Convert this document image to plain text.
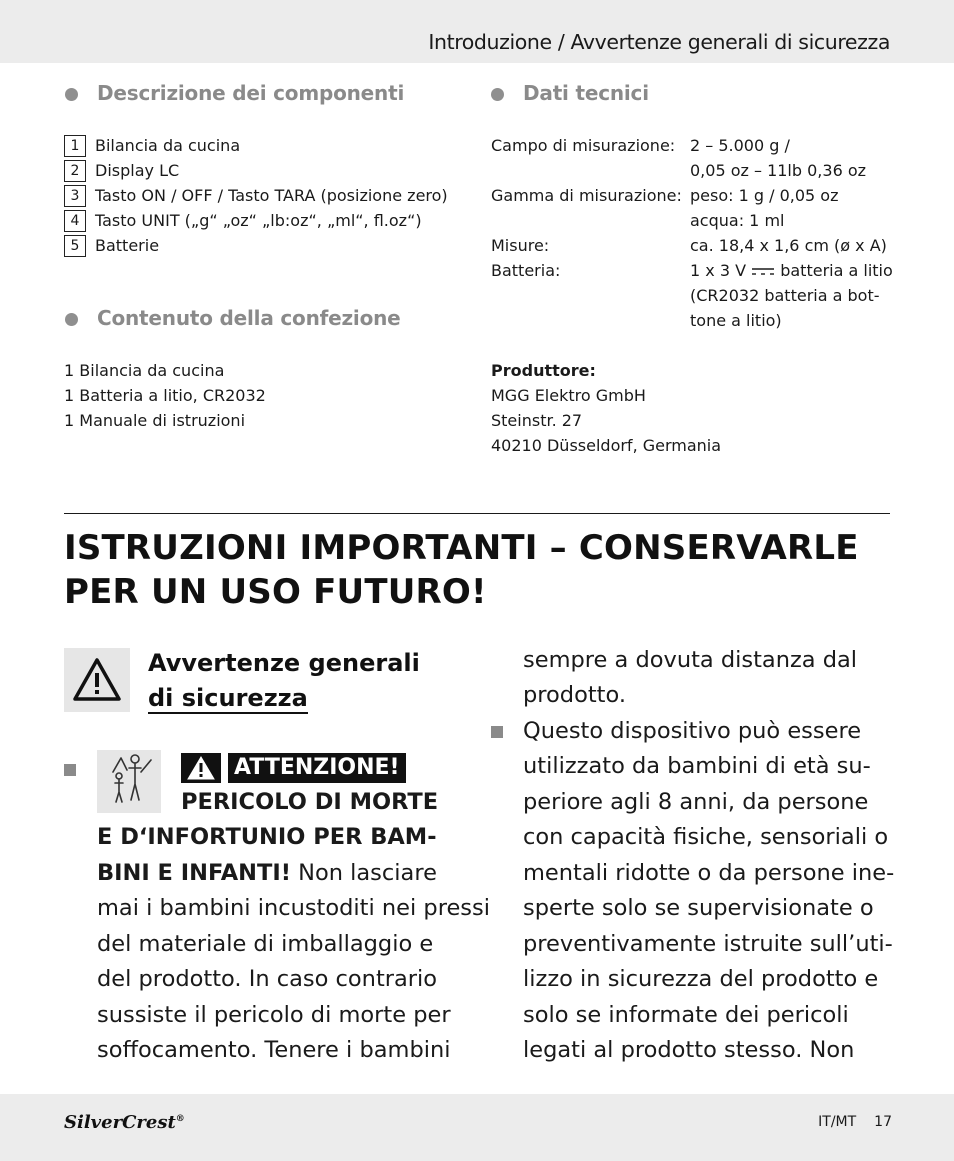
Introduzione / Avvertenze generali di sicurezza
Descrizione dei componenti
1 Bilancia da cucina
2 Display LC
3 Tasto ON / OFF / Tasto TARA (posizione zero)
4 Tasto UNIT („g“ „oz“ „lb:oz“, „ml“, fl.oz“)
5 Batterie
Contenuto della confezione
1 Bilancia da cucina
1 Batteria a litio, CR2032
1 Manuale di istruzioni
Dati tecnici
Campo di misurazione: 2 – 5.000 g /
0,05 oz – 11lb 0,36 oz
Gamma di misurazione: peso: 1 g / 0,05 oz
acqua: 1 ml
Misure:	ca. 18,4 x 1,6 cm (ø x A)
Batteria:	1 x 3 V batteria a litio
(CR2032 batteria a bot-
tone a litio)
Produttore:
MGG Elektro GmbH
Steinstr. 27
40210 Düsseldorf, Germania
ISTRUZIONI IMPORTANTI – CONSERVARLE
PER UN USO FUTURO!
Avvertenze generali
di sicurezza
ATTENZIONE!
PERICOLO DI MORTE
E D‘INFORTUNIO PER BAM-
BINI E INFANTI! Non lasciare
mai i bambini incustoditi nei pressi
del materiale di imballaggio e
del prodotto. In caso contrario
sussiste il pericolo di morte per
soffocamento. Tenere i bambini
sempre a dovuta distanza dal
prodotto.
Questo dispositivo può essere
utilizzato da bambini di età su-
periore agli 8 anni, da persone
con capacità fisiche, sensoriali o
mentali ridotte o da persone ine-
sperte solo se supervisionate o
preventivamente istruite sull’uti-
lizzo in sicurezza del prodotto e
solo se informate dei pericoli
legati al prodotto stesso. Non
SilverCrest®	IT/MT 17
